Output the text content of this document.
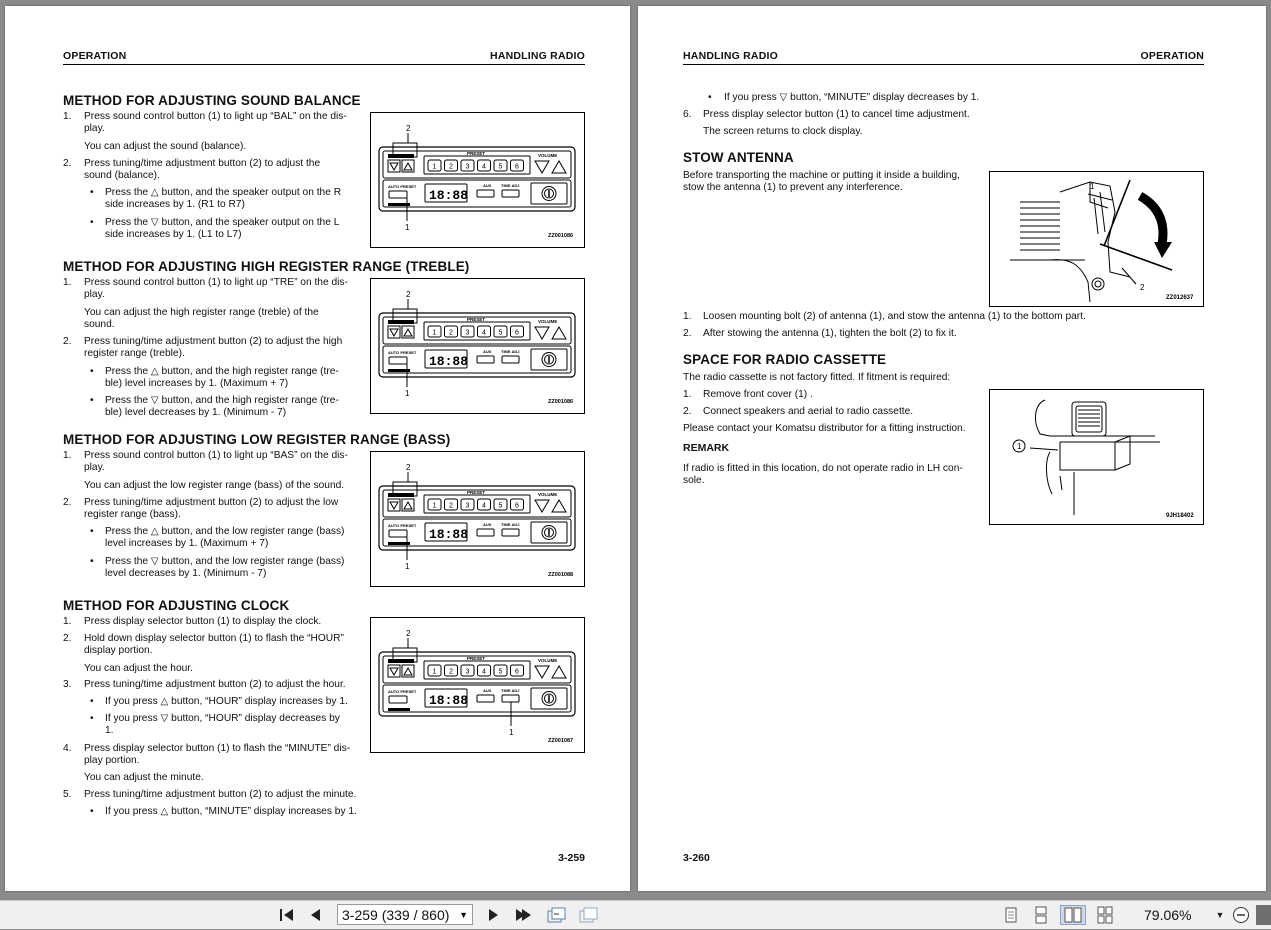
OPERATION	HANDLING RADIO
METHOD FOR ADJUSTING SOUND BALANCE
1. Press sound control button (1) to light up “BAL” on the dis-
play.
You can adjust the sound (balance).
2. Press tuning/time adjustment button (2) to adjust the
sound (balance).
• Press the △ button, and the speaker output on the R
side increases by 1. (R1 to R7)
• Press the ▽ button, and the speaker output on the L
side increases by 1. (L1 to L7)
PRESET
1 2 3 4 5 6
VOLUME
AUTO PRESET
18:88
AUX TIME ADJ
2
1
ZZ001086
METHOD FOR ADJUSTING HIGH REGISTER RANGE (TREBLE)
1. Press sound control button (1) to light up “TRE” on the dis-
play.
You can adjust the high register range (treble) of the
sound.
2. Press tuning/time adjustment button (2) to adjust the high
register range (treble).
• Press the △ button, and the high register range (tre-
ble) level increases by 1. (Maximum + 7)
• Press the ▽ button, and the high register range (tre-
ble) level decreases by 1. (Minimum - 7)
PRESET
1 2 3 4 5 6
VOLUME
AUTO PRESET
18:88
AUX TIME ADJ
2
1
ZZ001086
METHOD FOR ADJUSTING LOW REGISTER RANGE (BASS)
1. Press sound control button (1) to light up “BAS” on the dis-
play.
You can adjust the low register range (bass) of the sound.
2. Press tuning/time adjustment button (2) to adjust the low
register range (bass).
• Press the △ button, and the low register range (bass)
level increases by 1. (Maximum + 7)
• Press the ▽ button, and the low register range (bass)
level decreases by 1. (Minimum - 7)
PRESET
1 2 3 4 5 6
VOLUME
AUTO PRESET
18:88
AUX TIME ADJ
2
1
ZZ001088
METHOD FOR ADJUSTING CLOCK
1. Press display selector button (1) to display the clock.
2. Hold down display selector button (1) to flash the “HOUR”
display portion.
You can adjust the hour.
3. Press tuning/time adjustment button (2) to adjust the hour.
• If you press △ button, “HOUR” display increases by 1.
• If you press ▽ button, “HOUR” display decreases by
1.
4. Press display selector button (1) to flash the “MINUTE” dis-
play portion.
You can adjust the minute.
5. Press tuning/time adjustment button (2) to adjust the minute.
• If you press △ button, “MINUTE” display increases by 1.
PRESET
1 2 3 4 5 6
VOLUME
AUTO PRESET
18:88
AUX TIME ADJ
2
1
ZZ001087
3-259
HANDLING RADIO	OPERATION
• If you press ▽ button, “MINUTE” display decreases by 1.
6. Press display selector button (1) to cancel time adjustment.
The screen returns to clock display.
STOW ANTENNA
Before transporting the machine or putting it inside a building,
stow the antenna (1) to prevent any interference.	1
2
ZZ012637
1. Loosen mounting bolt (2) of antenna (1), and stow the antenna (1) to the bottom part.
2. After stowing the antenna (1), tighten the bolt (2) to fix it.
SPACE FOR RADIO CASSETTE
The radio cassette is not factory fitted. If fitment is required:
1. Remove front cover (1) .
2. Connect speakers and aerial to radio cassette.
Please contact your Komatsu distributor for a fitting instruction.
REMARK
If radio is fitted in this location, do not operate radio in LH con-
sole.
1
9JH18402
3-260
3-259 (339 / 860) ▼	79.06%	▼
